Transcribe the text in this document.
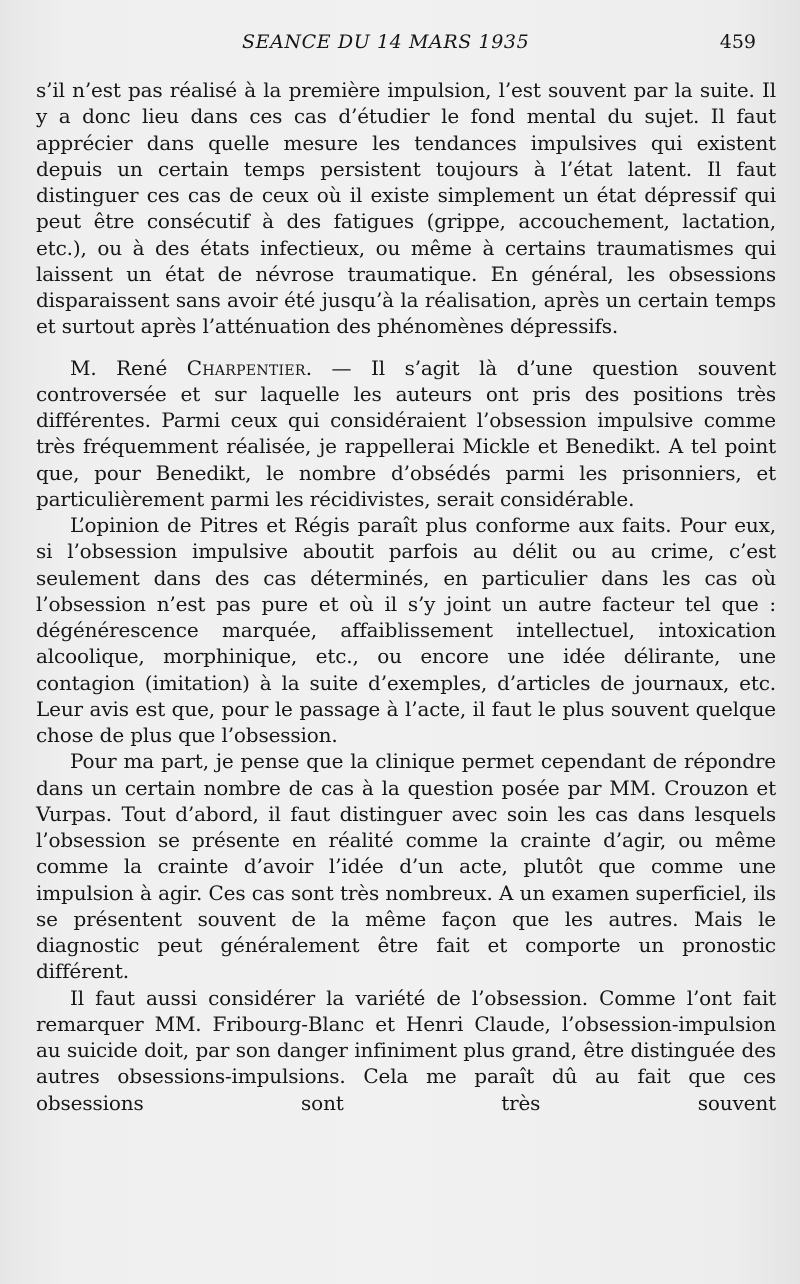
SEANCE DU 14 MARS 1935	459

s’il n’est pas réalisé à la première impulsion, l’est souvent par la suite. Il y a donc lieu dans ces cas d’étudier le fond mental du sujet. Il faut apprécier dans quelle mesure les tendances impulsives qui existent depuis un certain temps persistent toujours à l’état latent. Il faut distinguer ces cas de ceux où il existe simplement un état dépressif qui peut être consécutif à des fatigues (grippe, accouchement, lactation, etc.), ou à des états infectieux, ou même à certains traumatismes qui laissent un état de névrose traumatique. En général, les obsessions disparaissent sans avoir été jusqu’à la réalisation, après un certain temps et surtout après l’atténuation des phénomènes dépressifs.

M. René Charpentier. — Il s’agit là d’une question souvent controversée et sur laquelle les auteurs ont pris des positions très différentes. Parmi ceux qui considéraient l’obsession impulsive comme très fréquemment réalisée, je rappellerai Mickle et Benedikt. A tel point que, pour Benedikt, le nombre d’obsédés parmi les prisonniers, et particulièrement parmi les récidivistes, serait considérable.

L’opinion de Pitres et Régis paraît plus conforme aux faits. Pour eux, si l’obsession impulsive aboutit parfois au délit ou au crime, c’est seulement dans des cas déterminés, en particulier dans les cas où l’obsession n’est pas pure et où il s’y joint un autre facteur tel que : dégénérescence marquée, affaiblissement intellectuel, intoxication alcoolique, morphinique, etc., ou encore une idée délirante, une contagion (imitation) à la suite d’exemples, d’articles de journaux, etc. Leur avis est que, pour le passage à l’acte, il faut le plus souvent quelque chose de plus que l’obsession.

Pour ma part, je pense que la clinique permet cependant de répondre dans un certain nombre de cas à la question posée par MM. Crouzon et Vurpas. Tout d’abord, il faut distinguer avec soin les cas dans lesquels l’obsession se présente en réalité comme la crainte d’agir, ou même comme la crainte d’avoir l’idée d’un acte, plutôt que comme une impulsion à agir. Ces cas sont très nombreux. A un examen superficiel, ils se présentent souvent de la même façon que les autres. Mais le diagnostic peut généralement être fait et comporte un pronostic différent.

Il faut aussi considérer la variété de l’obsession. Comme l’ont fait remarquer MM. Fribourg-Blanc et Henri Claude, l’obsession-impulsion au suicide doit, par son danger infiniment plus grand, être distinguée des autres obsessions-impulsions. Cela me paraît dû au fait que ces obsessions sont très souvent
